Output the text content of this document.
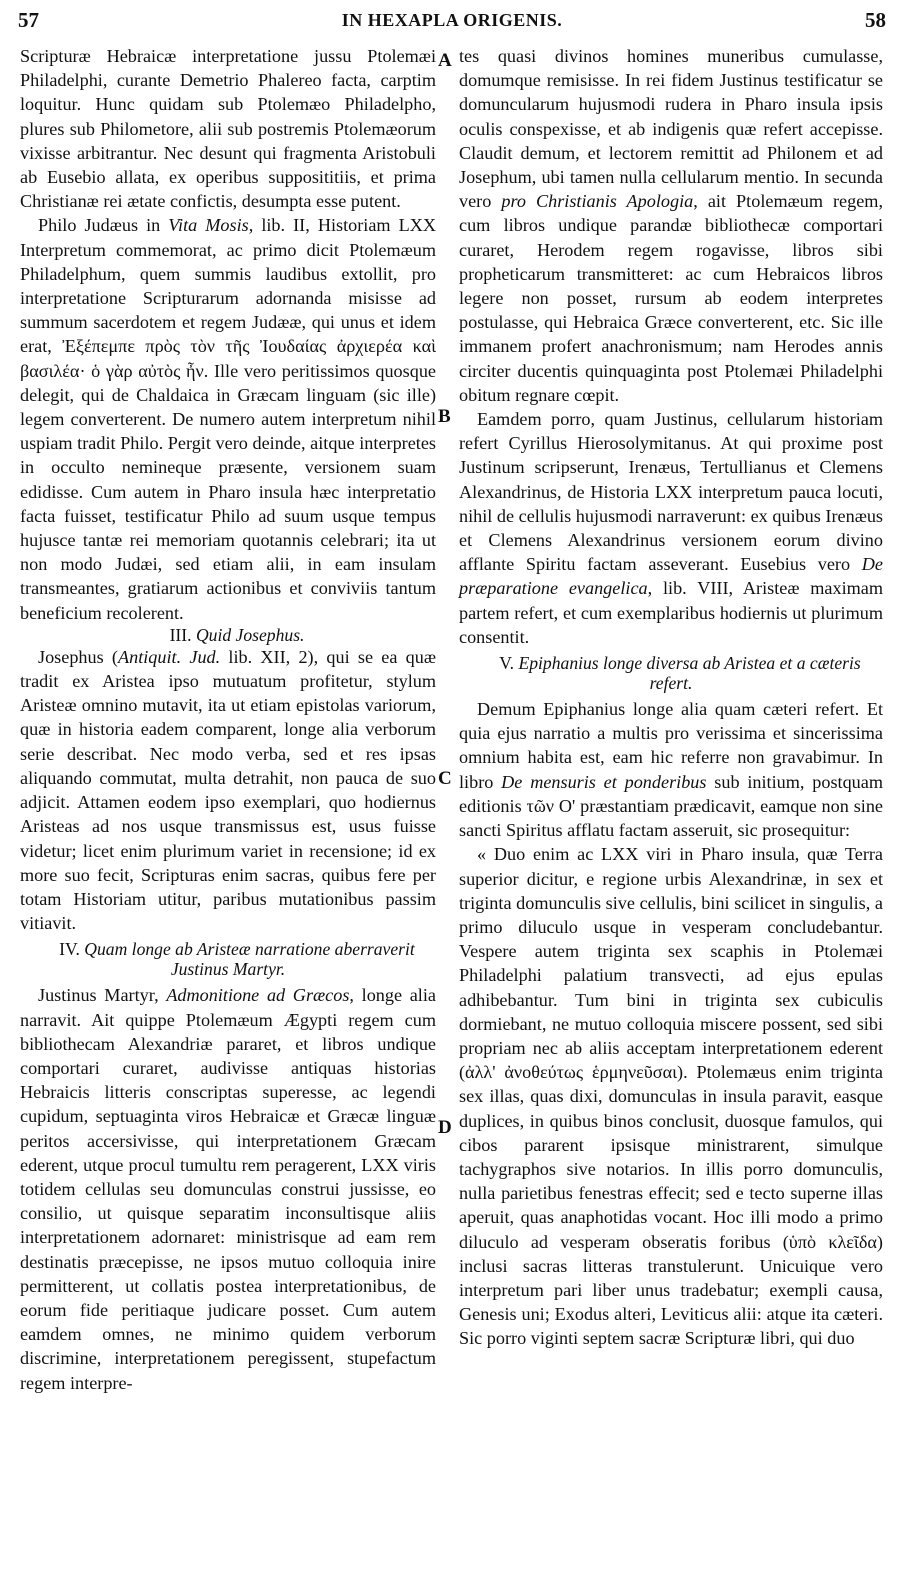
57	IN HEXAPLA ORIGENIS.	58
A
B
C
D

Scripturæ Hebraicæ interpretatione jussu Ptolemæi Philadelphi, curante Demetrio Phalereo facta, carptim loquitur. Hunc quidam sub Ptolemæo Philadelpho, plures sub Philometore, alii sub postremis Ptolemæorum vixisse arbitrantur. Nec desunt qui fragmenta Aristobuli ab Eusebio allata, ex operibus supposititiis, et prima Christianæ rei ætate confictis, desumpta esse putent.

Philo Judæus in Vita Mosis, lib. II, Historiam LXX Interpretum commemorat, ac primo dicit Ptolemæum Philadelphum, quem summis laudibus extollit, pro interpretatione Scripturarum adornanda misisse ad summum sacerdotem et regem Judææ, qui unus et idem erat, Ἐξέπεμπε πρὸς τὸν τῆς Ἰουδαίας ἀρχιερέα καὶ βασιλέα· ὁ γὰρ αὐτὸς ἦν. Ille vero peritissimos quosque delegit, qui de Chaldaica in Græcam linguam (sic ille) legem converterent. De numero autem interpretum nihil uspiam tradit Philo. Pergit vero deinde, aitque interpretes in occulto nemineque præsente, versionem suam edidisse. Cum autem in Pharo insula hæc interpretatio facta fuisset, testificatur Philo ad suum usque tempus hujusce tantæ rei memoriam quotannis celebrari; ita ut non modo Judæi, sed etiam alii, in eam insulam transmeantes, gratiarum actionibus et conviviis tantum beneficium recolerent.

III. Quid Josephus.

Josephus (Antiquit. Jud. lib. XII, 2), qui se ea quæ tradit ex Aristea ipso mutuatum profitetur, stylum Aristeæ omnino mutavit, ita ut etiam epistolas variorum, quæ in historia eadem comparent, longe alia verborum serie describat. Nec modo verba, sed et res ipsas aliquando commutat, multa detrahit, non pauca de suo adjicit. Attamen eodem ipso exemplari, quo hodiernus Aristeas ad nos usque transmissus est, usus fuisse videtur; licet enim plurimum variet in recensione; id ex more suo fecit, Scripturas enim sacras, quibus fere per totam Historiam utitur, paribus mutationibus passim vitiavit.

IV. Quam longe ab Aristeæ narratione aberraverit Justinus Martyr.

Justinus Martyr, Admonitione ad Græcos, longe alia narravit. Ait quippe Ptolemæum Ægypti regem cum bibliothecam Alexandriæ pararet, et libros undique comportari curaret, audivisse antiquas historias Hebraicis litteris conscriptas superesse, ac legendi cupidum, septuaginta viros Hebraicæ et Græcæ linguæ peritos accersivisse, qui interpretationem Græcam ederent, utque procul tumultu rem peragerent, LXX viris totidem cellulas seu domunculas construi jussisse, eo consilio, ut quisque separatim inconsultisque aliis interpretationem adornaret: ministrisque ad eam rem destinatis præcepisse, ne ipsos mutuo colloquia inire permitterent, ut collatis postea interpretationibus, de eorum fide peritiaque judicare posset. Cum autem eamdem omnes, ne minimo quidem verborum discrimine, interpretationem peregissent, stupefactum regem interpre-

tes quasi divinos homines muneribus cumulasse, domumque remisisse. In rei fidem Justinus testificatur se domuncularum hujusmodi rudera in Pharo insula ipsis oculis conspexisse, et ab indigenis quæ refert accepisse. Claudit demum, et lectorem remittit ad Philonem et ad Josephum, ubi tamen nulla cellularum mentio. In secunda vero pro Christianis Apologia, ait Ptolemæum regem, cum libros undique parandæ bibliothecæ comportari curaret, Herodem regem rogavisse, libros sibi propheticarum transmitteret: ac cum Hebraicos libros legere non posset, rursum ab eodem interpretes postulasse, qui Hebraica Græce converterent, etc. Sic ille immanem profert anachronismum; nam Herodes annis circiter ducentis quinquaginta post Ptolemæi Philadelphi obitum regnare cœpit.

Eamdem porro, quam Justinus, cellularum historiam refert Cyrillus Hierosolymitanus. At qui proxime post Justinum scripserunt, Irenæus, Tertullianus et Clemens Alexandrinus, de Historia LXX interpretum pauca locuti, nihil de cellulis hujusmodi narraverunt: ex quibus Irenæus et Clemens Alexandrinus versionem eorum divino afflante Spiritu factam asseverant. Eusebius vero De præparatione evangelica, lib. VIII, Aristeæ maximam partem refert, et cum exemplaribus hodiernis ut plurimum consentit.

V. Epiphanius longe diversa ab Aristea et a cæteris refert.

Demum Epiphanius longe alia quam cæteri refert. Et quia ejus narratio a multis pro verissima et sincerissima omnium habita est, eam hic referre non gravabimur. In libro De mensuris et ponderibus sub initium, postquam editionis τῶν Ο' præstantiam prædicavit, eamque non sine sancti Spiritus afflatu factam asseruit, sic prosequitur:

« Duo enim ac LXX viri in Pharo insula, quæ Terra superior dicitur, e regione urbis Alexandrinæ, in sex et triginta domunculis sive cellulis, bini scilicet in singulis, a primo diluculo usque in vesperam concludebantur. Vespere autem triginta sex scaphis in Ptolemæi Philadelphi palatium transvecti, ad ejus epulas adhibebantur. Tum bini in triginta sex cubiculis dormiebant, ne mutuo colloquia miscere possent, sed sibi propriam nec ab aliis acceptam interpretationem ederent (ἀλλ' ἀνοθεύτως ἑρμηνεῦσαι). Ptolemæus enim triginta sex illas, quas dixi, domunculas in insula paravit, easque duplices, in quibus binos conclusit, duosque famulos, qui cibos pararent ipsisque ministrarent, simulque tachygraphos sive notarios. In illis porro domunculis, nulla parietibus fenestras effecit; sed e tecto superne illas aperuit, quas anaphotidas vocant. Hoc illi modo a primo diluculo ad vesperam obseratis foribus (ὑπὸ κλεῖδα) inclusi sacras litteras transtulerunt. Unicuique vero interpretum pari liber unus tradebatur; exempli causa, Genesis uni; Exodus alteri, Leviticus alii: atque ita cæteri. Sic porro viginti septem sacræ Scripturæ libri, qui duo
